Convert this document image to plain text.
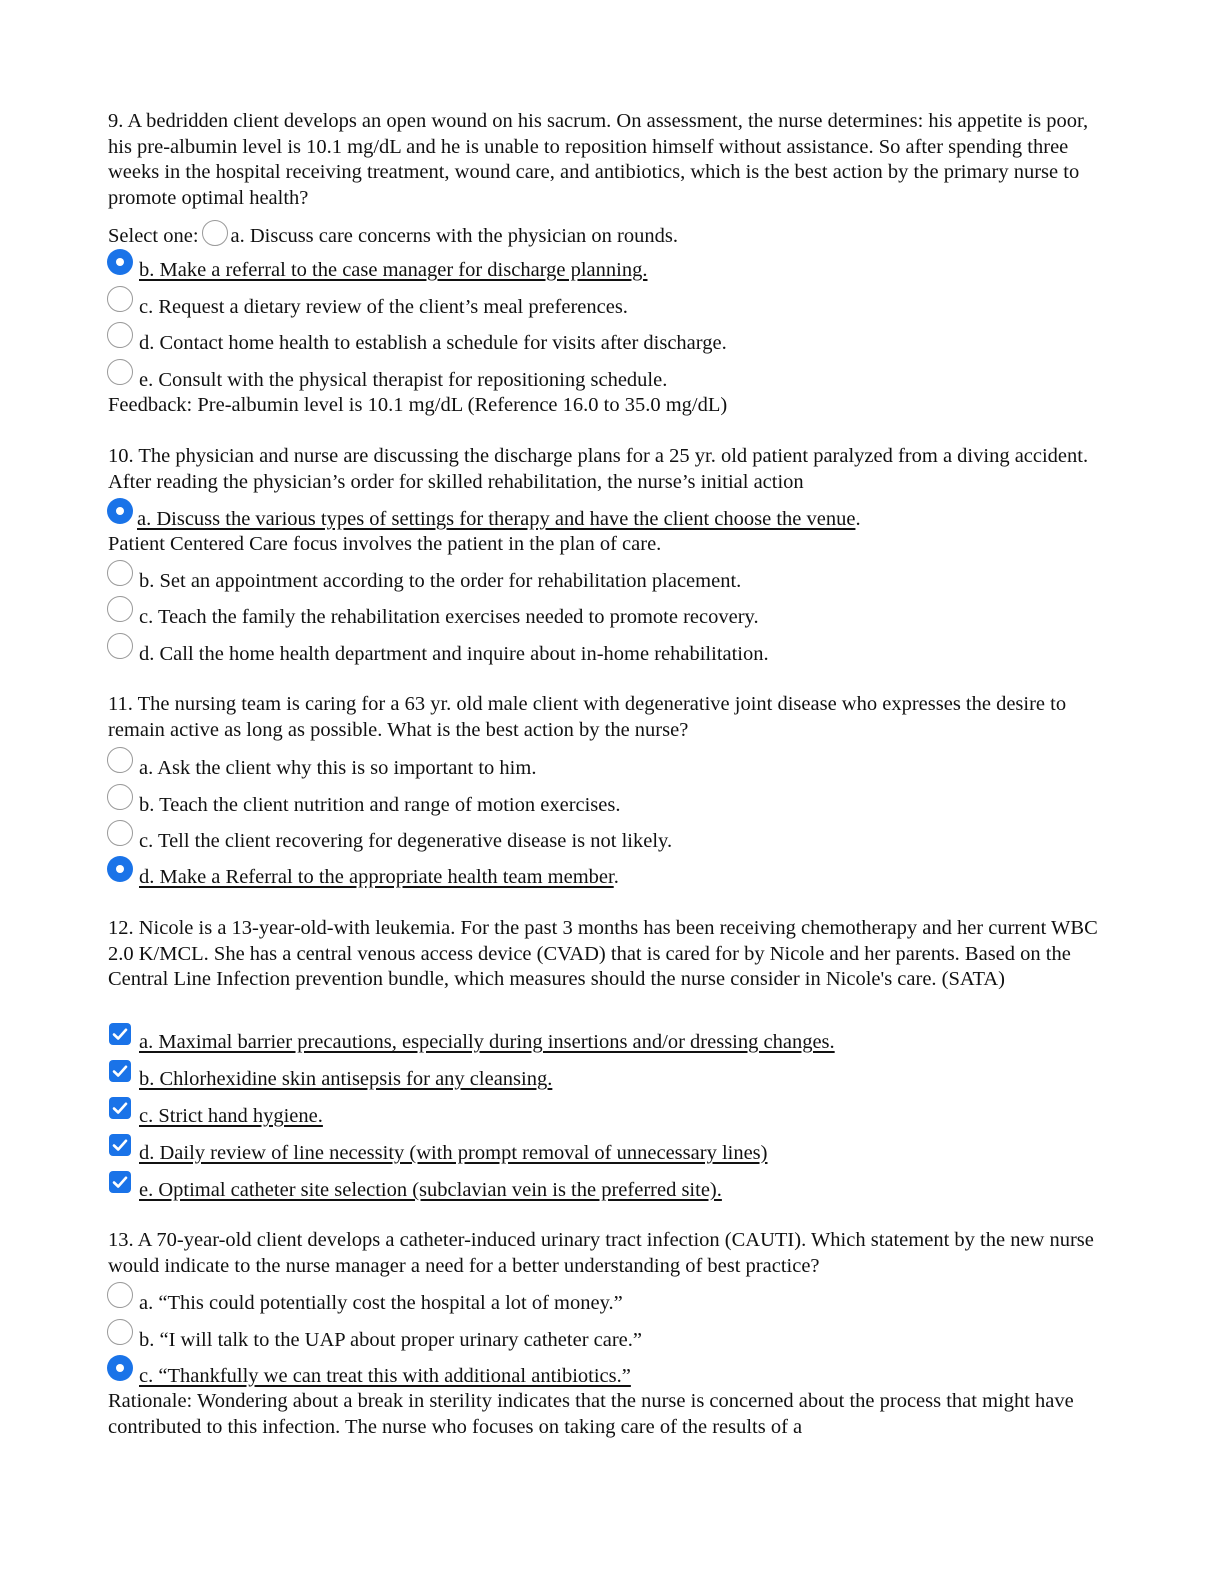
9. A bedridden client develops an open wound on his sacrum. On assessment, the nurse determines: his appetite is poor, his pre-albumin level is 10.1 mg/dL and he is unable to reposition himself without assistance. So after spending three weeks in the hospital receiving treatment, wound care, and antibiotics, which is the best action by the primary nurse to promote optimal health?

Select one: a. Discuss care concerns with the physician on rounds.
b. Make a referral to the case manager for discharge planning.
c. Request a dietary review of the client’s meal preferences.
d. Contact home health to establish a schedule for visits after discharge.
e. Consult with the physical therapist for repositioning schedule.
Feedback: Pre-albumin level is 10.1 mg/dL (Reference 16.0 to 35.0 mg/dL)

10. The physician and nurse are discussing the discharge plans for a 25 yr. old patient paralyzed from a diving accident. After reading the physician’s order for skilled rehabilitation, the nurse’s initial action

a. Discuss the various types of settings for therapy and have the client choose the venue.
Patient Centered Care focus involves the patient in the plan of care.
b. Set an appointment according to the order for rehabilitation placement.
c. Teach the family the rehabilitation exercises needed to promote recovery.
d. Call the home health department and inquire about in-home rehabilitation.

11. The nursing team is caring for a 63 yr. old male client with degenerative joint disease who expresses the desire to remain active as long as possible. What is the best action by the nurse?

a. Ask the client why this is so important to him.
b. Teach the client nutrition and range of motion exercises.
c. Tell the client recovering for degenerative disease is not likely.
d. Make a Referral to the appropriate health team member.

12. Nicole is a 13-year-old-with leukemia. For the past 3 months has been receiving chemotherapy and her current WBC 2.0 K/MCL. She has a central venous access device (CVAD) that is cared for by Nicole and her parents. Based on the Central Line Infection prevention bundle, which measures should the nurse consider in Nicole's care. (SATA)

a. Maximal barrier precautions, especially during insertions and/or dressing changes.
b. Chlorhexidine skin antisepsis for any cleansing.
c. Strict hand hygiene.
d. Daily review of line necessity (with prompt removal of unnecessary lines)
e. Optimal catheter site selection (subclavian vein is the preferred site).

13. A 70-year-old client develops a catheter-induced urinary tract infection (CAUTI). Which statement by the new nurse would indicate to the nurse manager a need for a better understanding of best practice?

a. “This could potentially cost the hospital a lot of money.”
b. “I will talk to the UAP about proper urinary catheter care.”
c. “Thankfully we can treat this with additional antibiotics.”

Rationale: Wondering about a break in sterility indicates that the nurse is concerned about the process that might have contributed to this infection. The nurse who focuses on taking care of the results of a
